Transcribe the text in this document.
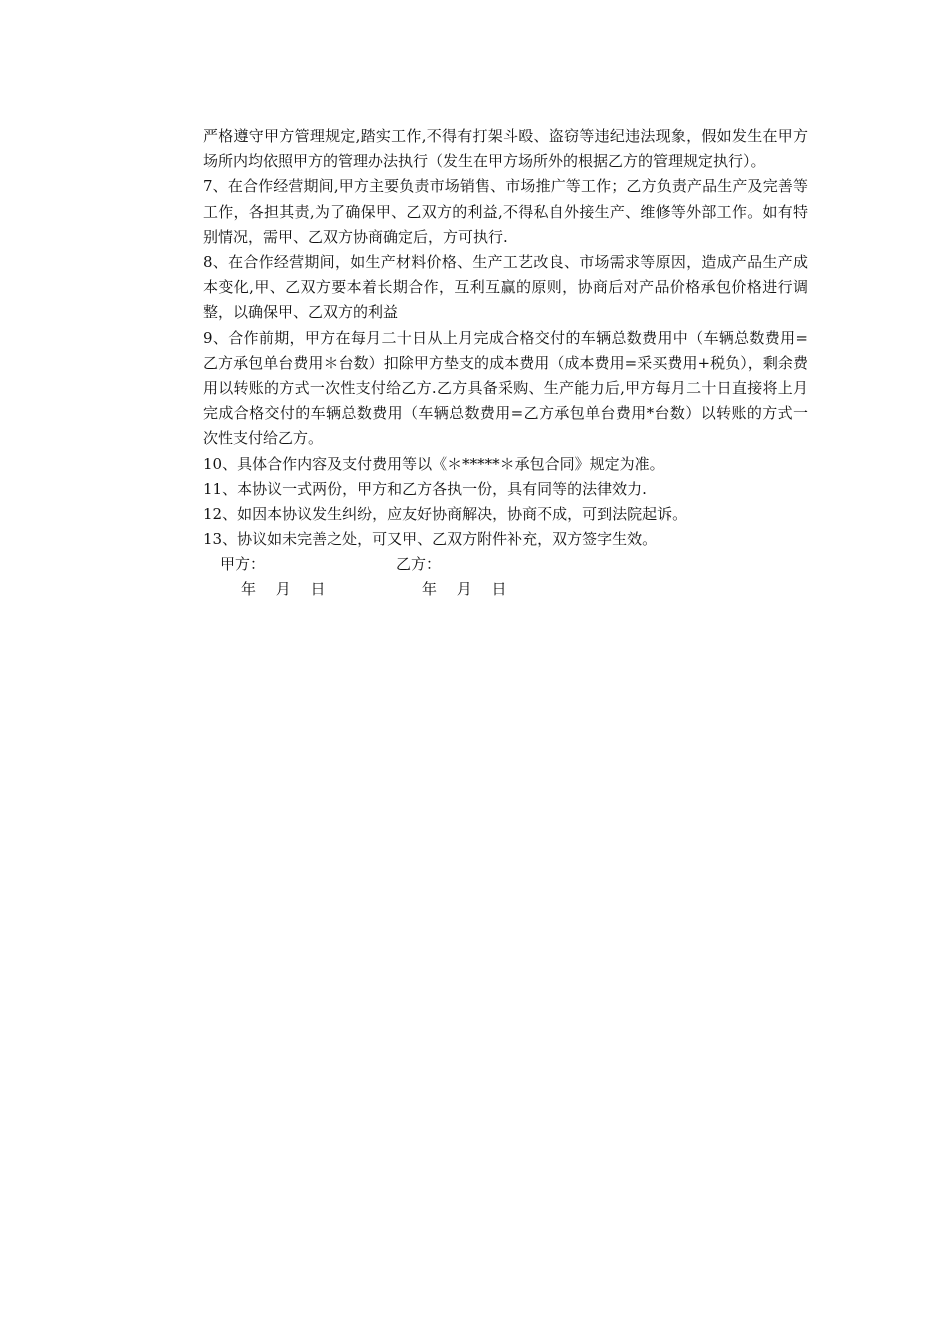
严格遵守甲方管理规定,踏实工作,不得有打架斗殴、盗窃等违纪违法现象，假如发生在甲方场所内均依照甲方的管理办法执行（发生在甲方场所外的根据乙方的管理规定执行）。

7、在合作经营期间,甲方主要负责市场销售、市场推广等工作；乙方负责产品生产及完善等工作，各担其责,为了确保甲、乙双方的利益,不得私自外接生产、维修等外部工作。如有特别情况，需甲、乙双方协商确定后，方可执行.

8、在合作经营期间，如生产材料价格、生产工艺改良、市场需求等原因，造成产品生产成本变化,甲、乙双方要本着长期合作，互利互赢的原则，协商后对产品价格承包价格进行调整，以确保甲、乙双方的利益

9、合作前期，甲方在每月二十日从上月完成合格交付的车辆总数费用中（车辆总数费用=乙方承包单台费用＊台数）扣除甲方垫支的成本费用（成本费用=采买费用+税负），剩余费用以转账的方式一次性支付给乙方.乙方具备采购、生产能力后,甲方每月二十日直接将上月完成合格交付的车辆总数费用（车辆总数费用=乙方承包单台费用*台数）以转账的方式一次性支付给乙方。

10、具体合作内容及支付费用等以《＊*****＊承包合同》规定为准。

11、本协议一式两份，甲方和乙方各执一份，具有同等的法律效力.

12、如因本协议发生纠纷，应友好协商解决，协商不成，可到法院起诉。

13、协议如未完善之处，可又甲、乙双方附件补充，双方签字生效。

甲方：	乙方：
年　 月　 日	年　 月　 日
